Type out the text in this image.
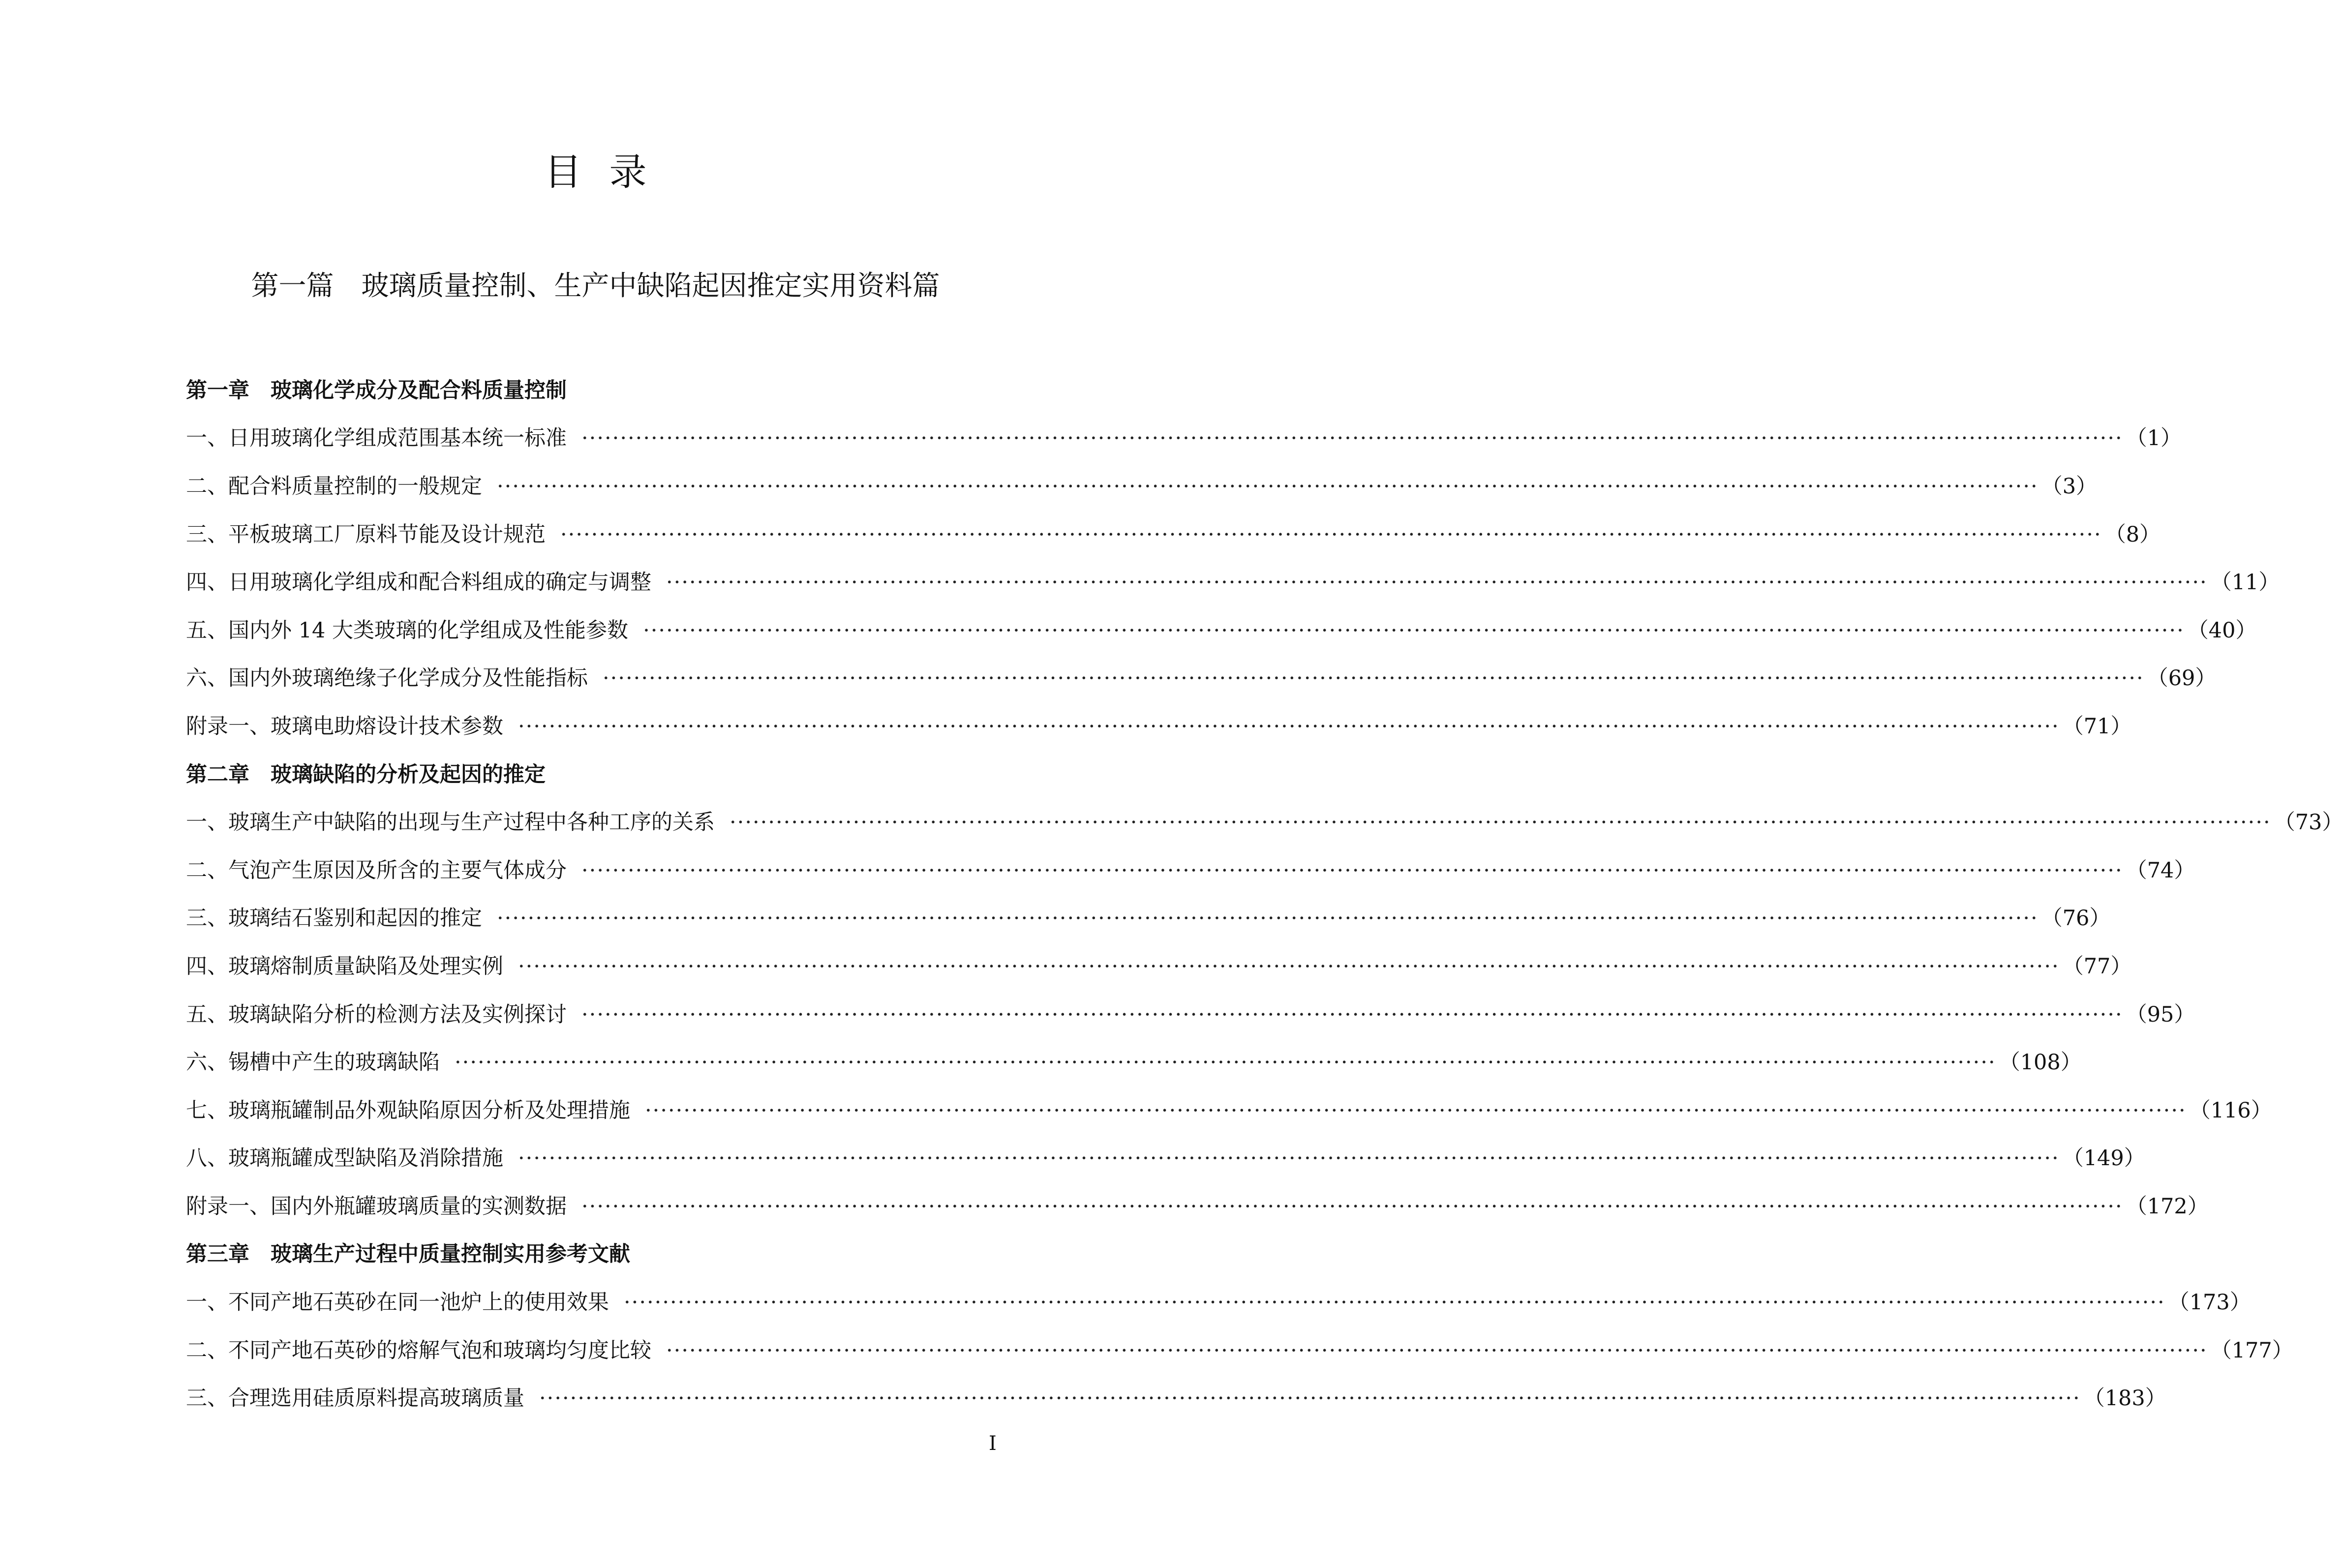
目录
第一篇　玻璃质量控制、生产中缺陷起因推定实用资料篇
第一章　玻璃化学成分及配合料质量控制
一、日用玻璃化学组成范围基本统一标准 ········································································································································································································ （1）
二、配合料质量控制的一般规定 ········································································································································································································ （3）
三、平板玻璃工厂原料节能及设计规范 ········································································································································································································ （8）
四、日用玻璃化学组成和配合料组成的确定与调整 ········································································································································································································ （11）
五、国内外 14 大类玻璃的化学组成及性能参数 ········································································································································································································ （40）
六、国内外玻璃绝缘子化学成分及性能指标 ········································································································································································································ （69）
附录一、玻璃电助熔设计技术参数 ········································································································································································································ （71）
第二章　玻璃缺陷的分析及起因的推定
一、玻璃生产中缺陷的出现与生产过程中各种工序的关系 ········································································································································································································ （73）
二、气泡产生原因及所含的主要气体成分 ········································································································································································································ （74）
三、玻璃结石鉴别和起因的推定 ········································································································································································································ （76）
四、玻璃熔制质量缺陷及处理实例 ········································································································································································································ （77）
五、玻璃缺陷分析的检测方法及实例探讨 ········································································································································································································ （95）
六、锡槽中产生的玻璃缺陷 ········································································································································································································ （108）
七、玻璃瓶罐制品外观缺陷原因分析及处理措施 ········································································································································································································ （116）
八、玻璃瓶罐成型缺陷及消除措施 ········································································································································································································ （149）
附录一、国内外瓶罐玻璃质量的实测数据 ········································································································································································································ （172）
第三章　玻璃生产过程中质量控制实用参考文献
一、不同产地石英砂在同一池炉上的使用效果 ········································································································································································································ （173）
二、不同产地石英砂的熔解气泡和玻璃均匀度比较 ········································································································································································································ （177）
三、合理选用硅质原料提高玻璃质量 ········································································································································································································ （183）
I
